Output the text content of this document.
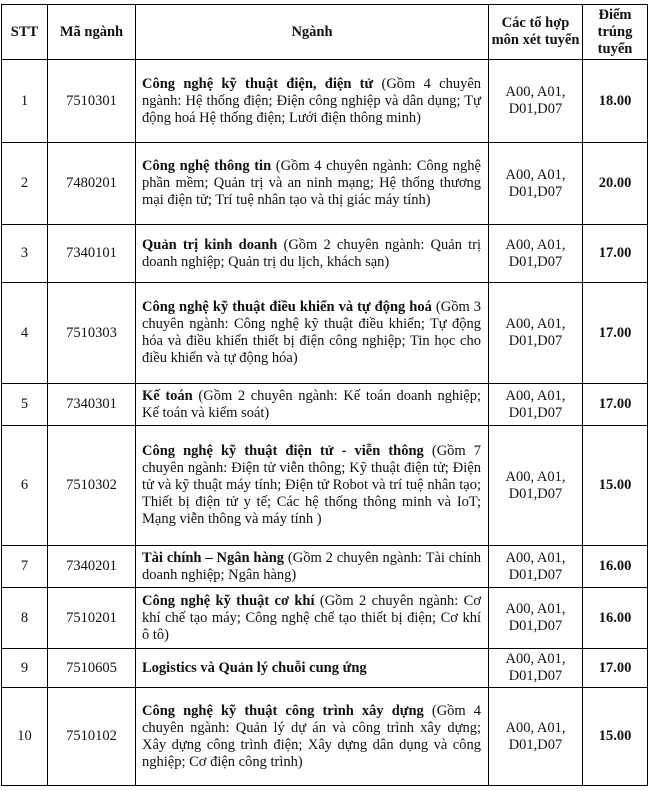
STT	Mã ngành	Ngành	Các tổ hợp môn xét tuyển	Điểm trúng tuyển
1	7510301	Công nghệ kỹ thuật điện, điện tử (Gồm 4 chuyên ngành: Hệ thống điện; Điện công nghiệp và dân dụng; Tự động hoá Hệ thống điện; Lưới điện thông minh)	A00, A01, D01,D07	18.00
2	7480201	Công nghệ thông tin (Gồm 4 chuyên ngành: Công nghệ phần mềm; Quản trị và an ninh mạng; Hệ thống thương mại điện tử; Trí tuệ nhân tạo và thị giác máy tính)	A00, A01, D01,D07	20.00
3	7340101	Quản trị kinh doanh (Gồm 2 chuyên ngành: Quản trị doanh nghiệp; Quản trị du lịch, khách sạn)	A00, A01, D01,D07	17.00
4	7510303	Công nghệ kỹ thuật điều khiển và tự động hoá (Gồm 3 chuyên ngành: Công nghệ kỹ thuật điều khiển; Tự động hóa và điều khiển thiết bị điện công nghiệp; Tin học cho điều khiển và tự động hóa)	A00, A01, D01,D07	17.00
5	7340301	Kế toán (Gồm 2 chuyên ngành: Kế toán doanh nghiệp; Kế toán và kiểm soát)	A00, A01, D01,D07	17.00
6	7510302	Công nghệ kỹ thuật điện tử - viễn thông (Gồm 7 chuyên ngành: Điện tử viễn thông; Kỹ thuật điện tử; Điện tử và kỹ thuật máy tính; Điện tử Robot và trí tuệ nhân tạo; Thiết bị điện tử y tế; Các hệ thống thông minh và IoT; Mạng viễn thông và máy tính )	A00, A01, D01,D07	15.00
7	7340201	Tài chính – Ngân hàng (Gồm 2 chuyên ngành: Tài chính doanh nghiệp; Ngân hàng)	A00, A01, D01,D07	16.00
8	7510201	Công nghệ kỹ thuật cơ khí (Gồm 2 chuyên ngành: Cơ khí chế tạo máy; Công nghệ chế tạo thiết bị điện; Cơ khí ô tô)	A00, A01, D01,D07	16.00
9	7510605	Logistics và Quản lý chuỗi cung ứng	A00, A01, D01,D07	17.00
10	7510102	Công nghệ kỹ thuật công trình xây dựng (Gồm 4 chuyên ngành: Quản lý dự án và công trình xây dựng; Xây dựng công trình điện; Xây dựng dân dụng và công nghiệp; Cơ điện công trình)	A00, A01, D01,D07	15.00
